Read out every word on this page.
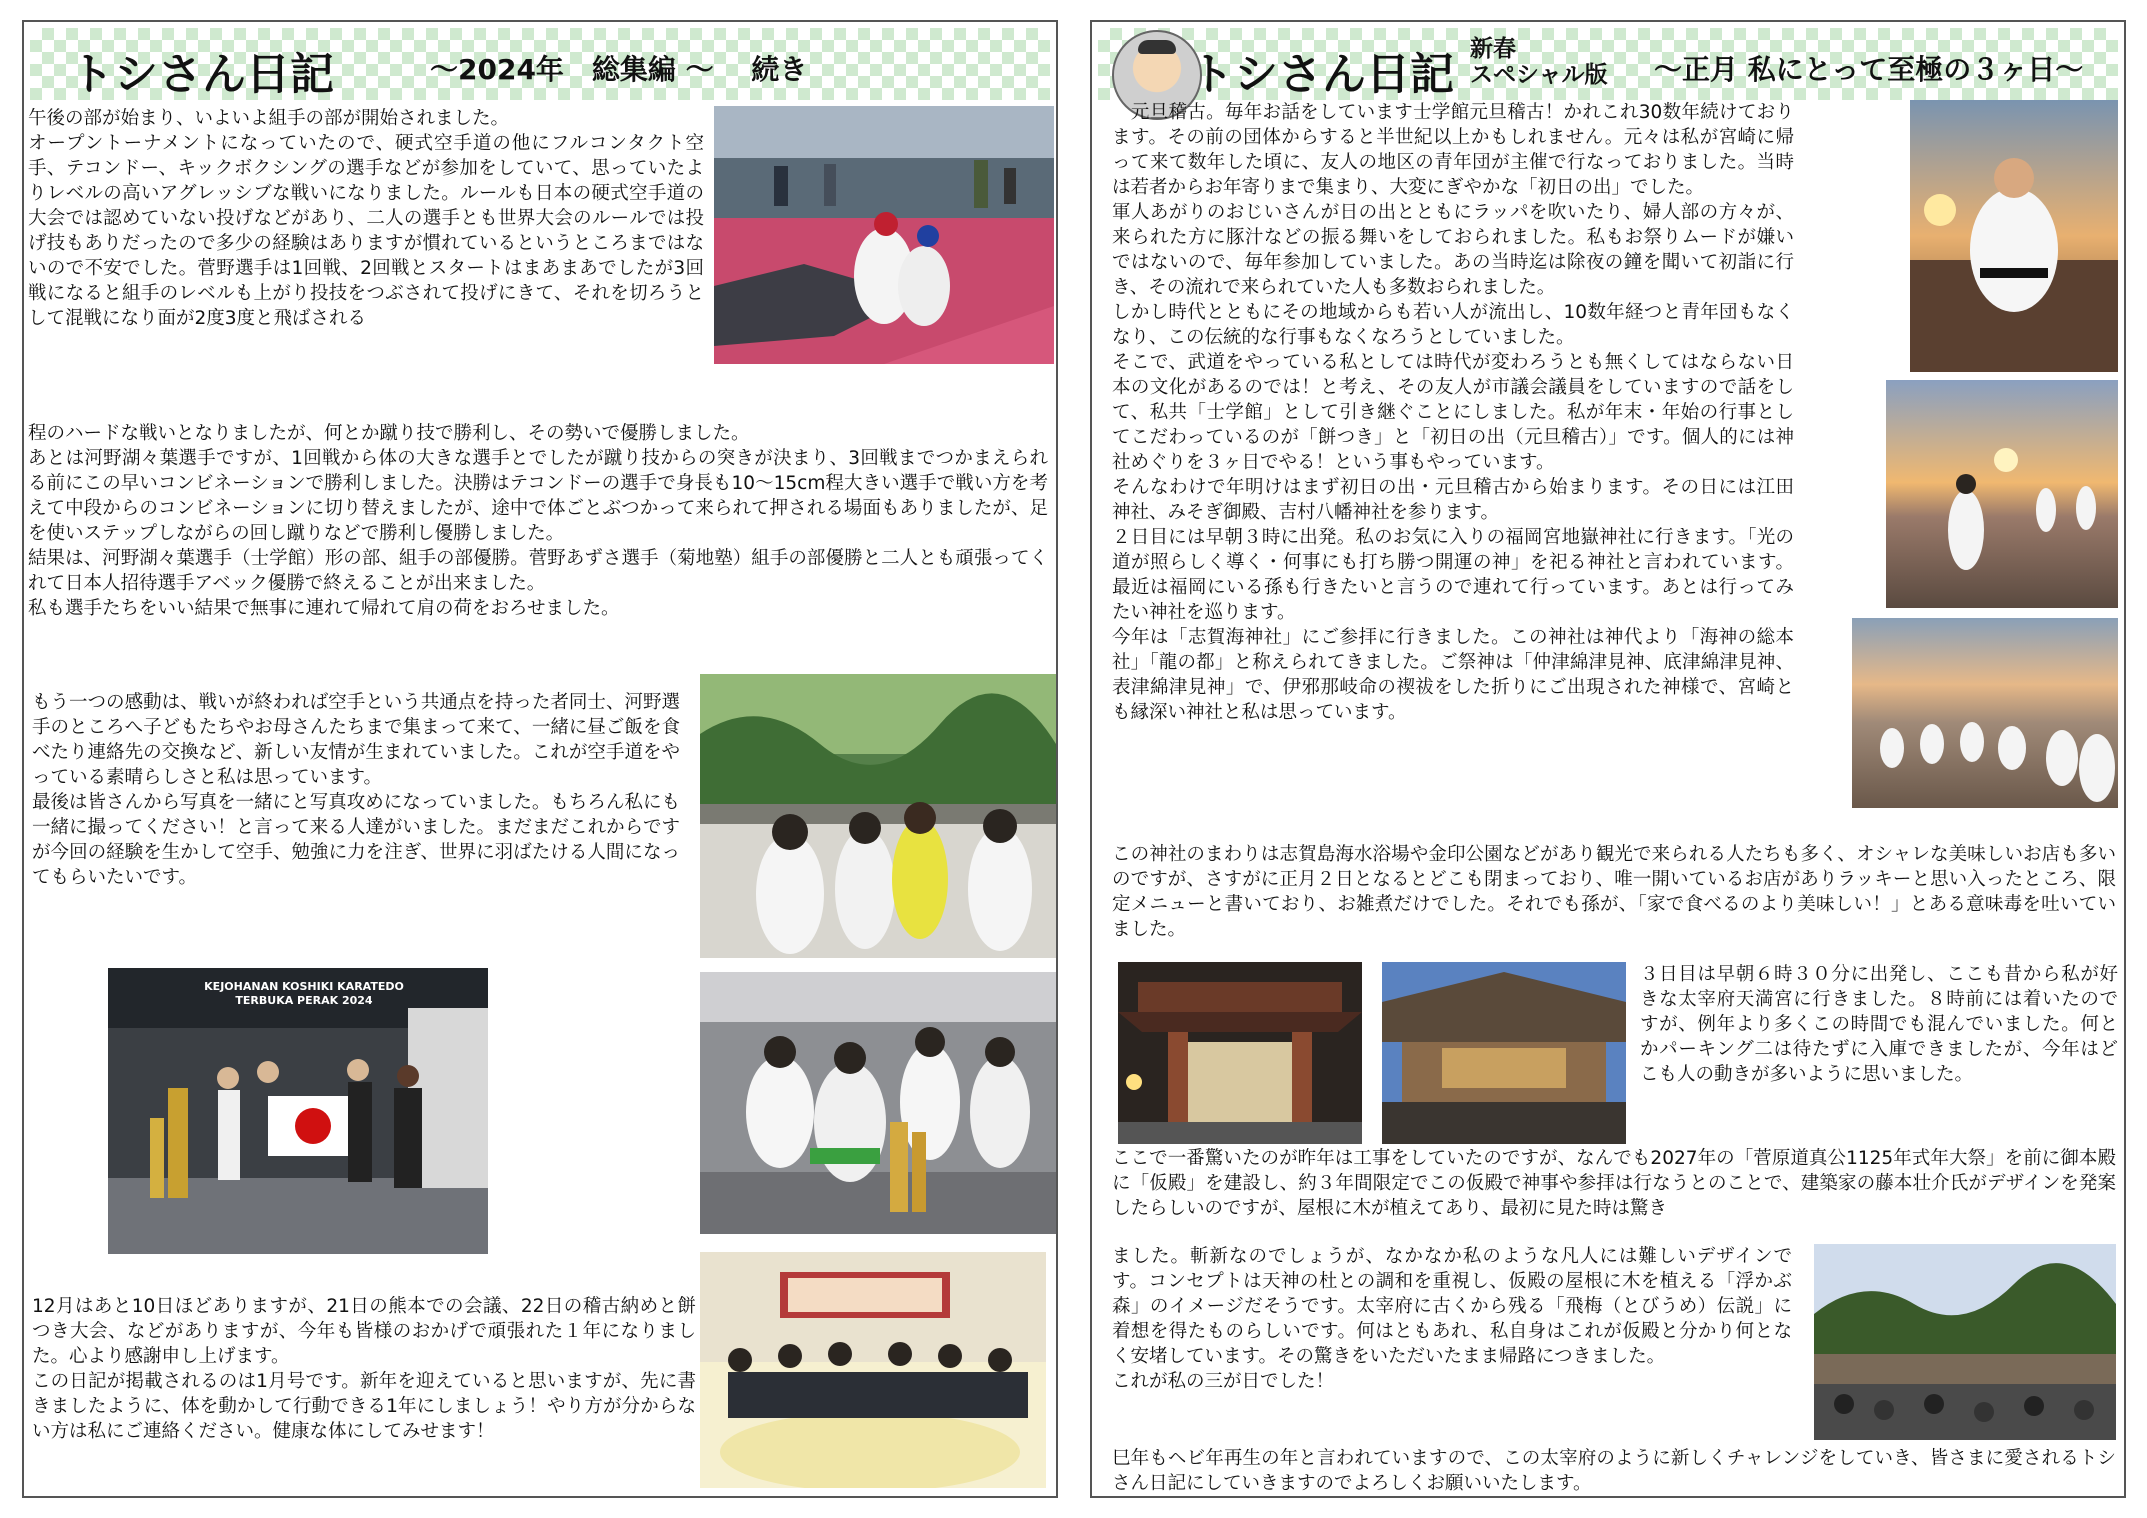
トシさん日記	～2024年　総集編 ～　 続き

午後の部が始まり、いよいよ組手の部が開始されました。

オープントーナメントになっていたので、硬式空手道の他にフルコンタクト空手、テコンドー、キックボクシングの選手などが参加をしていて、思っていたよりレベルの高いアグレッシブな戦いになりました。ルールも日本の硬式空手道の大会では認めていない投げなどがあり、二人の選手とも世界大会のルールでは投げ技もありだったので多少の経験はありますが慣れているというところまではないので不安でした。菅野選手は1回戦、2回戦とスタートはまあまあでしたが3回戦になると組手のレベルも上がり投技をつぶされて投げにきて、それを切ろうとして混戦になり面が2度3度と飛ばされる

程のハードな戦いとなりましたが、何とか蹴り技で勝利し、その勢いで優勝しました。

あとは河野湖々葉選手ですが、1回戦から体の大きな選手とでしたが蹴り技からの突きが決まり、3回戦までつかまえられる前にこの早いコンビネーションで勝利しました。決勝はテコンドーの選手で身長も10～15cm程大きい選手で戦い方を考えて中段からのコンビネーションに切り替えましたが、途中で体ごとぶつかって来られて押される場面もありましたが、足を使いステップしながらの回し蹴りなどで勝利し優勝しました。

結果は、河野湖々葉選手（士学館）形の部、組手の部優勝。菅野あずさ選手（菊地塾）組手の部優勝と二人とも頑張ってくれて日本人招待選手アベック優勝で終えることが出来ました。

私も選手たちをいい結果で無事に連れて帰れて肩の荷をおろせました。

もう一つの感動は、戦いが終われば空手という共通点を持った者同士、河野選手のところへ子どもたちやお母さんたちまで集まって来て、一緒に昼ご飯を食べたり連絡先の交換など、新しい友情が生まれていました。これが空手道をやっている素晴らしさと私は思っています。

最後は皆さんから写真を一緒にと写真攻めになっていました。もちろん私にも一緒に撮ってください！と言って来る人達がいました。まだまだこれからですが今回の経験を生かして空手、勉強に力を注ぎ、世界に羽ばたける人間になってもらいたいです。

KEJOHANAN KOSHIKI KARATEDO
TERBUKA PERAK 2024

12月はあと10日ほどありますが、21日の熊本での会議、22日の稽古納めと餅つき大会、などがありますが、今年も皆様のおかげで頑張れた１年になりました。心より感謝申し上げます。

この日記が掲載されるのは1月号です。新年を迎えていると思いますが、先に書きましたように、体を動かして行動できる1年にしましょう！やり方が分からない方は私にご連絡ください。健康な体にしてみせます！

トシさん日記 新春
スペシャル版 ～正月 私にとって至極の３ヶ日～

　元旦稽古。毎年お話をしています士学館元旦稽古！かれこれ30数年続けております。その前の団体からすると半世紀以上かもしれません。元々は私が宮崎に帰って来て数年した頃に、友人の地区の青年団が主催で行なっておりました。当時は若者からお年寄りまで集まり、大変にぎやかな「初日の出」でした。

軍人あがりのおじいさんが日の出とともにラッパを吹いたり、婦人部の方々が、来られた方に豚汁などの振る舞いをしておられました。私もお祭りムードが嫌いではないので、毎年参加していました。あの当時迄は除夜の鐘を聞いて初詣に行き、その流れで来られていた人も多数おられました。

しかし時代とともにその地域からも若い人が流出し、10数年経つと青年団もなくなり、この伝統的な行事もなくなろうとしていました。

そこで、武道をやっている私としては時代が変わろうとも無くしてはならない日本の文化があるのでは！と考え、その友人が市議会議員をしていますので話をして、私共「士学館」として引き継ぐことにしました。私が年末・年始の行事としてこだわっているのが「餅つき」と「初日の出（元旦稽古）」です。個人的には神社めぐりを３ヶ日でやる！という事もやっています。

そんなわけで年明けはまず初日の出・元旦稽古から始まります。その日には江田神社、みそぎ御殿、吉村八幡神社を参ります。

２日目には早朝３時に出発。私のお気に入りの福岡宮地嶽神社に行きます。「光の道が照らしく導く・何事にも打ち勝つ開運の神」を祀る神社と言われています。最近は福岡にいる孫も行きたいと言うので連れて行っています。あとは行ってみたい神社を巡ります。

今年は「志賀海神社」にご参拝に行きました。この神社は神代より「海神の総本社」「龍の都」と称えられてきました。ご祭神は「仲津綿津見神、底津綿津見神、表津綿津見神」で、伊邪那岐命の禊祓をした折りにご出現された神様で、宮崎とも縁深い神社と私は思っています。

この神社のまわりは志賀島海水浴場や金印公園などがあり観光で来られる人たちも多く、オシャレな美味しいお店も多いのですが、さすがに正月２日となるとどこも閉まっており、唯一開いているお店がありラッキーと思い入ったところ、限定メニューと書いており、お雑煮だけでした。それでも孫が、「家で食べるのより美味しい！」とある意味毒を吐いていました。

３日目は早朝６時３０分に出発し、ここも昔から私が好きな太宰府天満宮に行きました。８時前には着いたのですが、例年より多くこの時間でも混んでいました。何とかパーキング二は待たずに入庫できましたが、今年はどこも人の動きが多いように思いました。

ここで一番驚いたのが昨年は工事をしていたのですが、なんでも2027年の「菅原道真公1125年式年大祭」を前に御本殿に「仮殿」を建設し、約３年間限定でこの仮殿で神事や参拝は行なうとのことで、建築家の藤本壮介氏がデザインを発案したらしいのですが、屋根に木が植えてあり、最初に見た時は驚き

ました。斬新なのでしょうが、なかなか私のような凡人には難しいデザインです。コンセプトは天神の杜との調和を重視し、仮殿の屋根に木を植える「浮かぶ森」のイメージだそうです。太宰府に古くから残る「飛梅（とびうめ）伝説」に着想を得たものらしいです。何はともあれ、私自身はこれが仮殿と分かり何となく安堵しています。その驚きをいただいたまま帰路につきました。

これが私の三が日でした！

巳年もヘビ年再生の年と言われていますので、この太宰府のように新しくチャレンジをしていき、皆さまに愛されるトシさん日記にしていきますのでよろしくお願いいたします。
